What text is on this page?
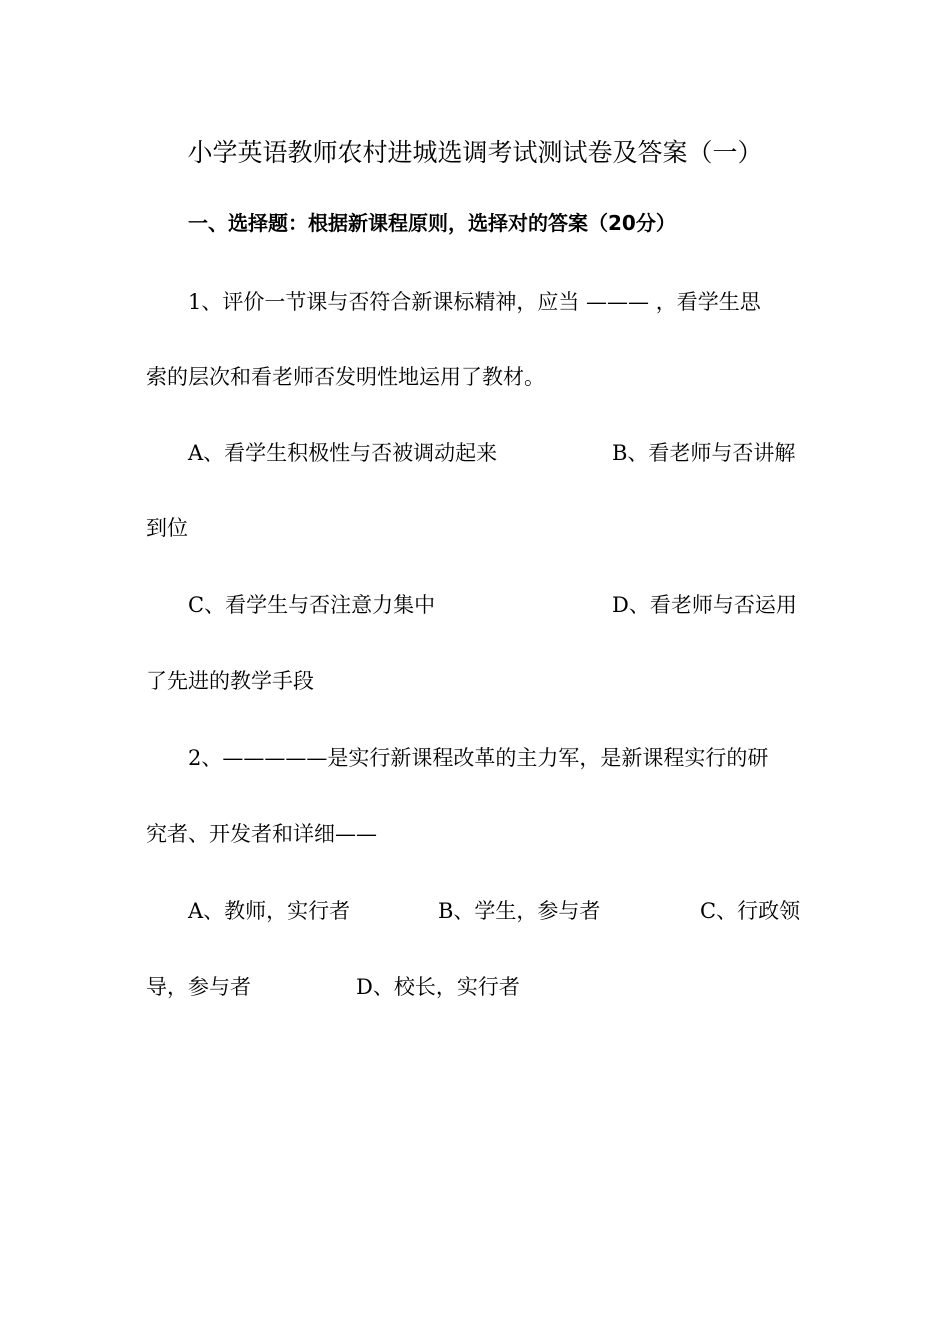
小学英语教师农村进城选调考试测试卷及答案（一）
一、选择题：根据新课程原则，选择对的答案（20分）
1、评价一节课与否符合新课标精神，应当 ——— ，看学生思
索的层次和看老师否发明性地运用了教材。
A、看学生积极性与否被调动起来	B、看老师与否讲解
到位
C、看学生与否注意力集中	D、看老师与否运用
了先进的教学手段
2、—————是实行新课程改革的主力军，是新课程实行的研
究者、开发者和详细——
A、教师，实行者	B、学生，参与者	C、行政领
导，参与者	D、校长，实行者
